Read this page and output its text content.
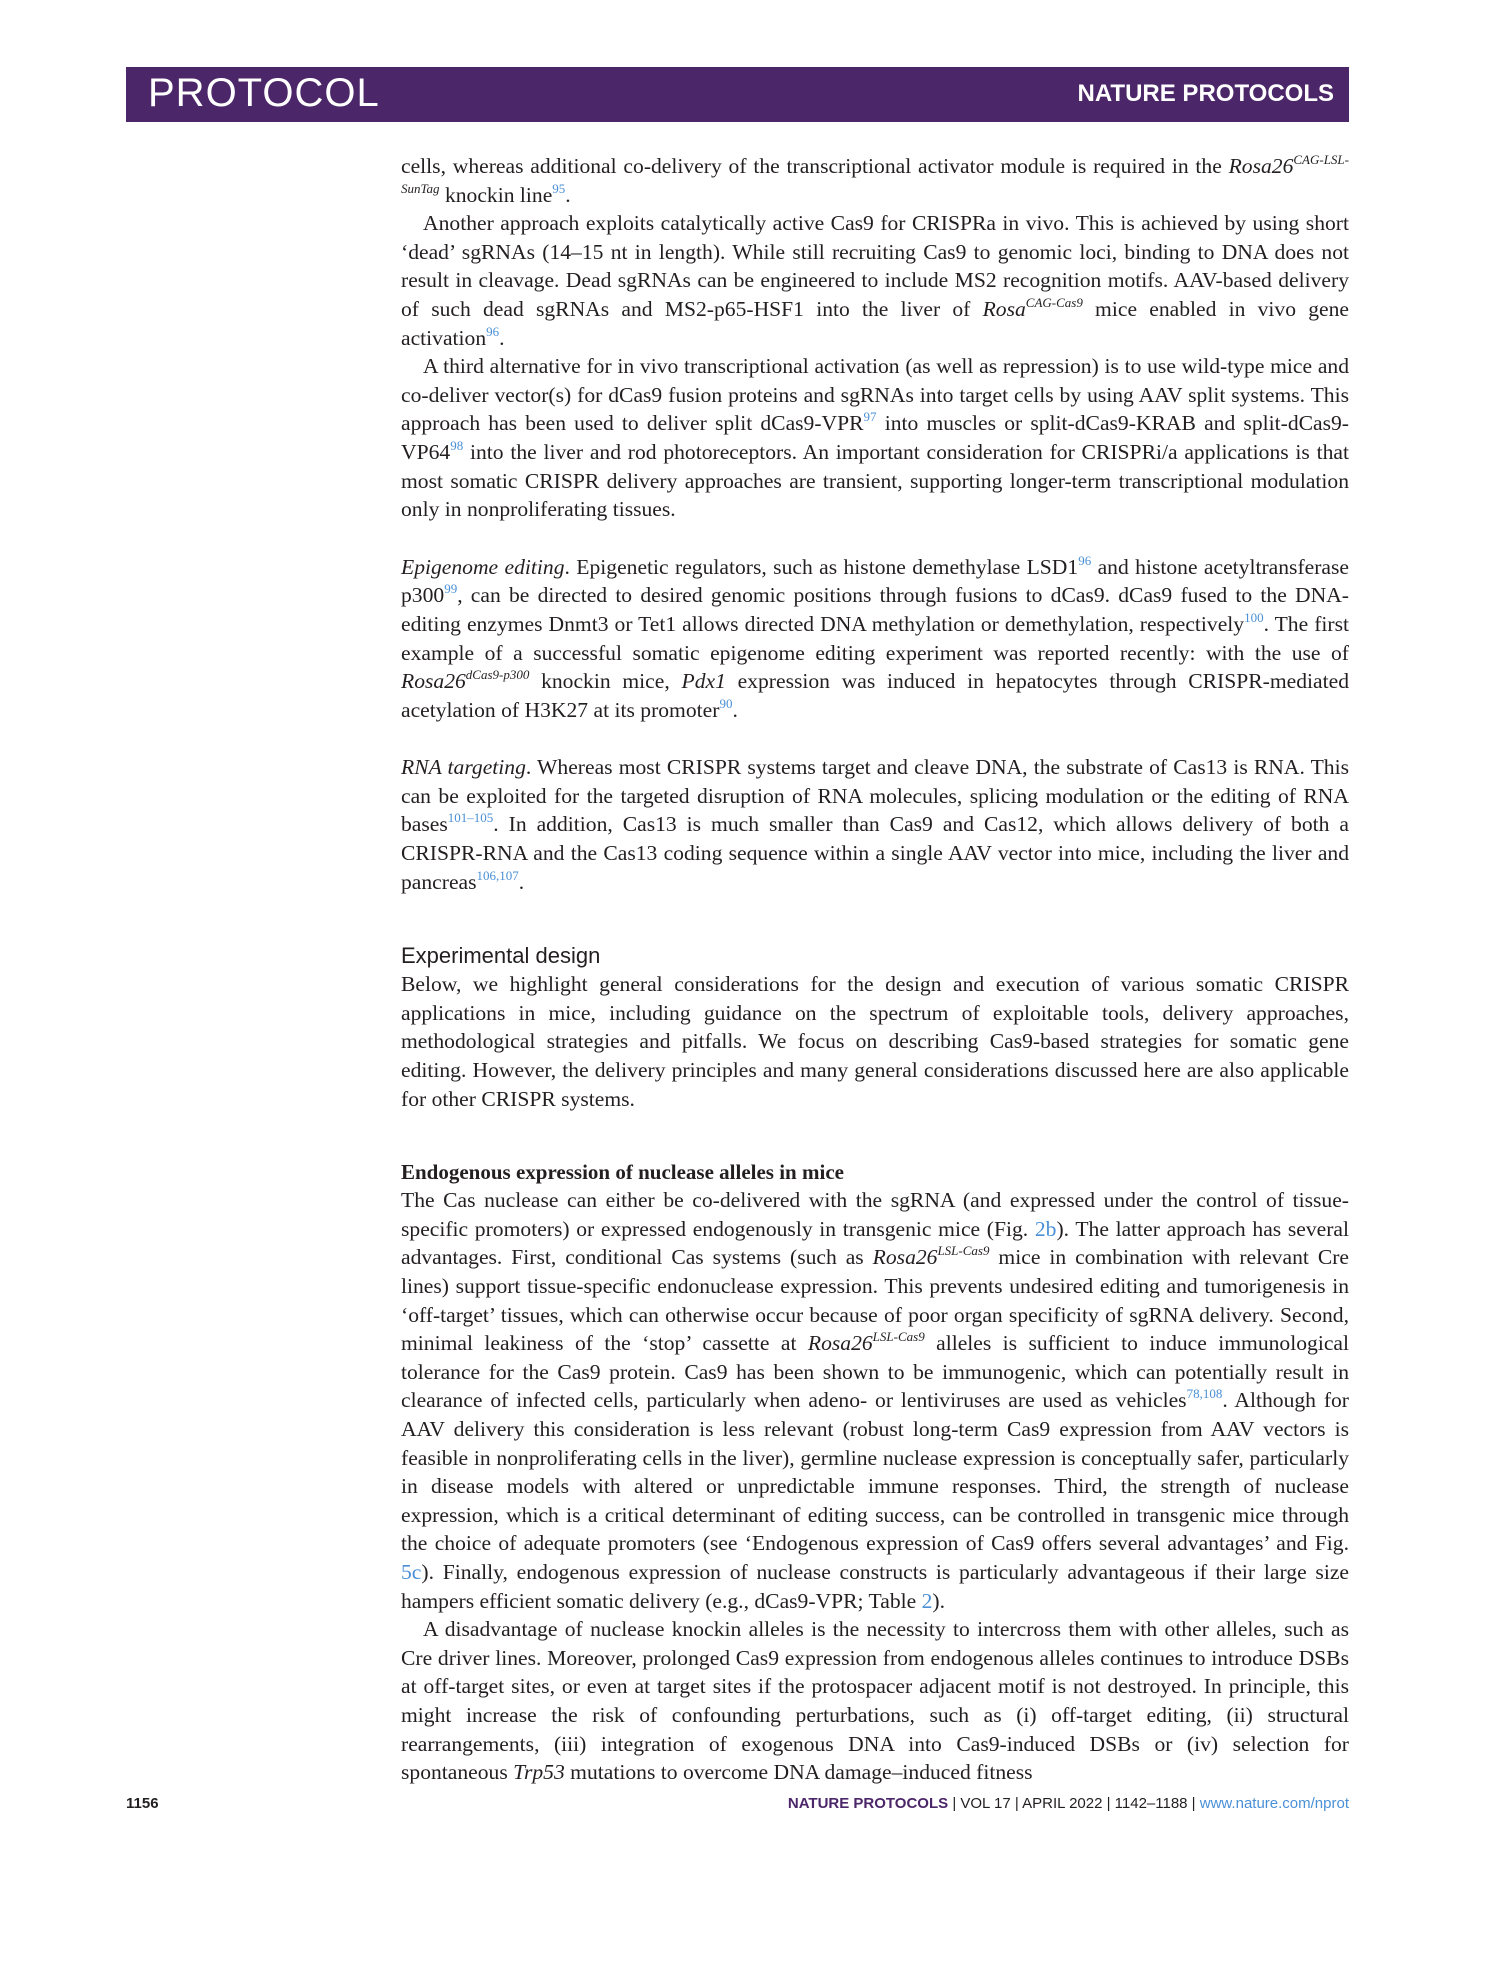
PROTOCOL	NATURE PROTOCOLS

cells, whereas additional co-delivery of the transcriptional activator module is required in the $Rosa26^{CAG-LSL-SunTag}$ knockin line$^{95}$.

Another approach exploits catalytically active Cas9 for CRISPRa in vivo. This is achieved by using short ‘dead’ sgRNAs (14–15 nt in length). While still recruiting Cas9 to genomic loci, binding to DNA does not result in cleavage. Dead sgRNAs can be engineered to include MS2 recognition motifs. AAV-based delivery of such dead sgRNAs and MS2-p65-HSF1 into the liver of Rosa$^{CAG-Cas9}$ mice enabled in vivo gene activation$^{96}$.

A third alternative for in vivo transcriptional activation (as well as repression) is to use wild-type mice and co-deliver vector(s) for dCas9 fusion proteins and sgRNAs into target cells by using AAV split systems. This approach has been used to deliver split dCas9-VPR$^{97}$ into muscles or split-dCas9-KRAB and split-dCas9-VP64$^{98}$ into the liver and rod photoreceptors. An important consideration for CRISPRi/a applications is that most somatic CRISPR delivery approaches are transient, supporting longer-term transcriptional modulation only in nonproliferating tissues.

Epigenome editing. Epigenetic regulators, such as histone demethylase LSD1$^{96}$ and histone acetyltransferase p300$^{99}$, can be directed to desired genomic positions through fusions to dCas9. dCas9 fused to the DNA-editing enzymes Dnmt3 or Tet1 allows directed DNA methylation or demethylation, respectively$^{100}$. The first example of a successful somatic epigenome editing experiment was reported recently: with the use of $Rosa26^{dCas9-p300}$ knockin mice, Pdx1 expression was induced in hepatocytes through CRISPR-mediated acetylation of H3K27 at its promoter$^{90}$.

RNA targeting. Whereas most CRISPR systems target and cleave DNA, the substrate of Cas13 is RNA. This can be exploited for the targeted disruption of RNA molecules, splicing modulation or the editing of RNA bases$^{101-105}$. In addition, Cas13 is much smaller than Cas9 and Cas12, which allows delivery of both a CRISPR-RNA and the Cas13 coding sequence within a single AAV vector into mice, including the liver and pancreas$^{106,107}$.

Experimental design

Below, we highlight general considerations for the design and execution of various somatic CRISPR applications in mice, including guidance on the spectrum of exploitable tools, delivery approaches, methodological strategies and pitfalls. We focus on describing Cas9-based strategies for somatic gene editing. However, the delivery principles and many general considerations discussed here are also applicable for other CRISPR systems.

Endogenous expression of nuclease alleles in mice

The Cas nuclease can either be co-delivered with the sgRNA (and expressed under the control of tissue-specific promoters) or expressed endogenously in transgenic mice (Fig. 2b). The latter approach has several advantages. First, conditional Cas systems (such as $Rosa26^{LSL-Cas9}$ mice in combination with relevant Cre lines) support tissue-specific endonuclease expression. This prevents undesired editing and tumorigenesis in ‘off-target’ tissues, which can otherwise occur because of poor organ specificity of sgRNA delivery. Second, minimal leakiness of the ‘stop’ cassette at $Rosa26^{LSL-Cas9}$ alleles is sufficient to induce immunological tolerance for the Cas9 protein. Cas9 has been shown to be immunogenic, which can potentially result in clearance of infected cells, particularly when adeno- or lentiviruses are used as vehicles$^{78,108}$. Although for AAV delivery this consideration is less relevant (robust long-term Cas9 expression from AAV vectors is feasible in nonproliferating cells in the liver), germline nuclease expression is conceptually safer, particularly in disease models with altered or unpredictable immune responses. Third, the strength of nuclease expression, which is a critical determinant of editing success, can be controlled in transgenic mice through the choice of adequate promoters (see ‘Endogenous expression of Cas9 offers several advantages’ and Fig. 5c). Finally, endogenous expression of nuclease constructs is particularly advantageous if their large size hampers efficient somatic delivery (e.g., dCas9-VPR; Table 2).

A disadvantage of nuclease knockin alleles is the necessity to intercross them with other alleles, such as Cre driver lines. Moreover, prolonged Cas9 expression from endogenous alleles continues to introduce DSBs at off-target sites, or even at target sites if the protospacer adjacent motif is not destroyed. In principle, this might increase the risk of confounding perturbations, such as (i) off-target editing, (ii) structural rearrangements, (iii) integration of exogenous DNA into Cas9-induced DSBs or (iv) selection for spontaneous Trp53 mutations to overcome DNA damage–induced fitness

1156	NATURE PROTOCOLS | VOL 17 | APRIL 2022 | 1142–1188 | www.nature.com/nprot
